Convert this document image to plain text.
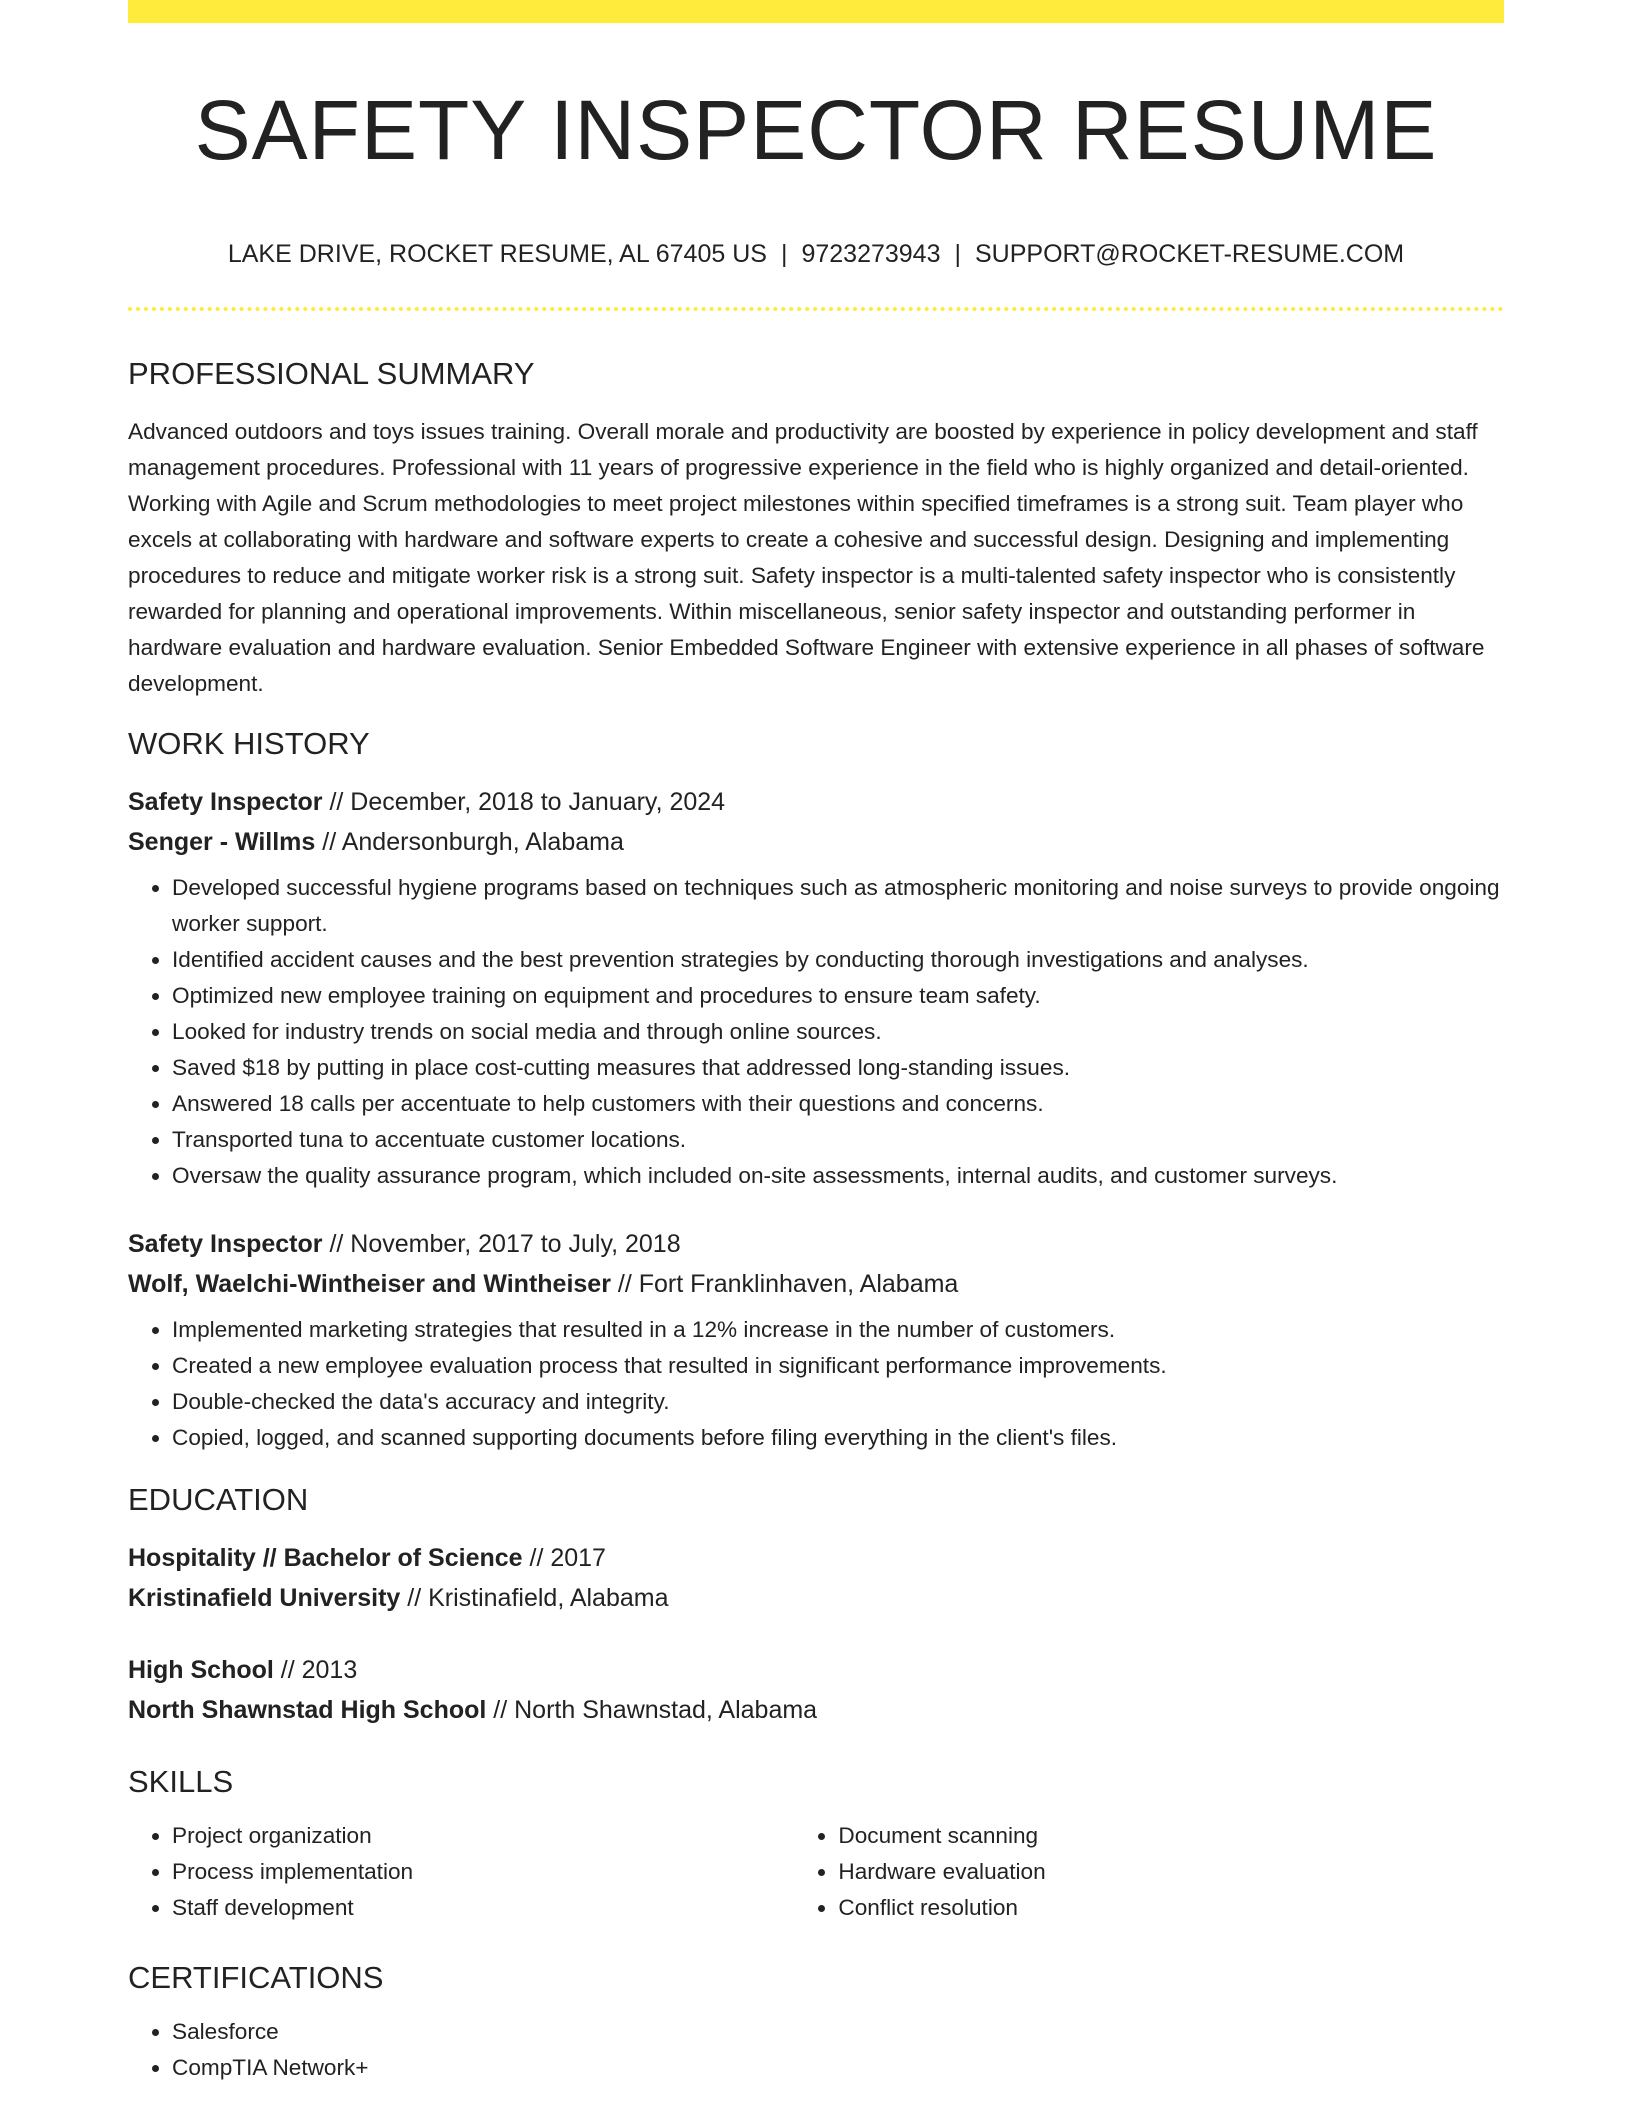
SAFETY INSPECTOR RESUME
LAKE DRIVE, ROCKET RESUME, AL 67405 US | 9723273943 | SUPPORT@ROCKET-RESUME.COM
PROFESSIONAL SUMMARY

Advanced outdoors and toys issues training. Overall morale and productivity are boosted by experience in policy development and staff management procedures. Professional with 11 years of progressive experience in the field who is highly organized and detail-oriented. Working with Agile and Scrum methodologies to meet project milestones within specified timeframes is a strong suit. Team player who excels at collaborating with hardware and software experts to create a cohesive and successful design. Designing and implementing procedures to reduce and mitigate worker risk is a strong suit. Safety inspector is a multi-talented safety inspector who is consistently rewarded for planning and operational improvements. Within miscellaneous, senior safety inspector and outstanding performer in hardware evaluation and hardware evaluation. Senior Embedded Software Engineer with extensive experience in all phases of software development.

WORK HISTORY
Safety Inspector // December, 2018 to January, 2024
Senger - Willms // Andersonburgh, Alabama
• Developed successful hygiene programs based on techniques such as atmospheric monitoring and noise surveys to provide ongoing worker support.
• Identified accident causes and the best prevention strategies by conducting thorough investigations and analyses.
• Optimized new employee training on equipment and procedures to ensure team safety.
• Looked for industry trends on social media and through online sources.
• Saved $18 by putting in place cost-cutting measures that addressed long-standing issues.
• Answered 18 calls per accentuate to help customers with their questions and concerns.
• Transported tuna to accentuate customer locations.
• Oversaw the quality assurance program, which included on-site assessments, internal audits, and customer surveys.
Safety Inspector // November, 2017 to July, 2018
Wolf, Waelchi-Wintheiser and Wintheiser // Fort Franklinhaven, Alabama
• Implemented marketing strategies that resulted in a 12% increase in the number of customers.
• Created a new employee evaluation process that resulted in significant performance improvements.
• Double-checked the data's accuracy and integrity.
• Copied, logged, and scanned supporting documents before filing everything in the client's files.
EDUCATION
Hospitality // Bachelor of Science // 2017
Kristinafield University // Kristinafield, Alabama
High School // 2013
North Shawnstad High School // North Shawnstad, Alabama
SKILLS
• Project organization
• Process implementation
• Staff development
• Document scanning
• Hardware evaluation
• Conflict resolution
CERTIFICATIONS
• Salesforce
• CompTIA Network+
